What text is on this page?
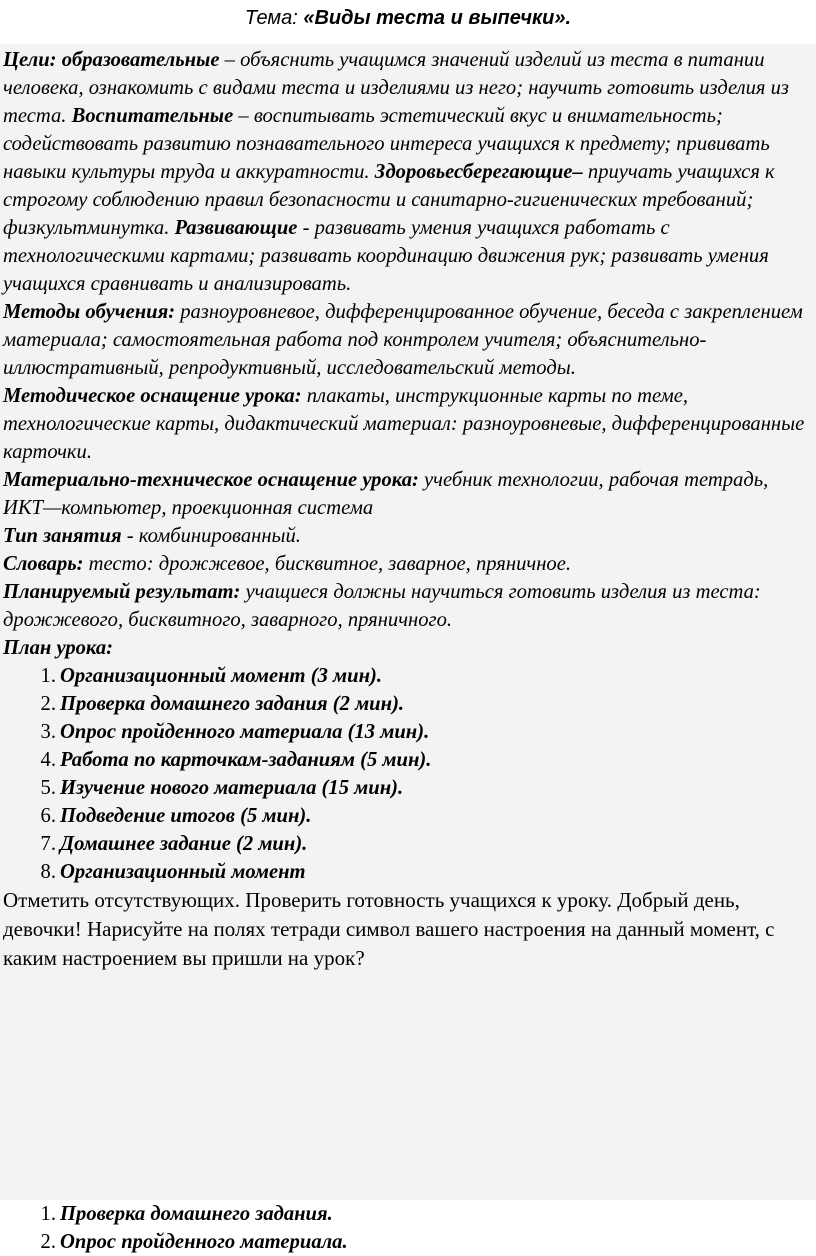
Тема: «Виды теста и выпечки».

Цели: образовательные – объяснить учащимся значений изделий из теста в питании человека, ознакомить с видами теста и изделиями из него; научить готовить изделия из теста. Воспитательные – воспитывать эстетический вкус и внимательность; содействовать развитию познавательного интереса учащихся к предмету; прививать навыки культуры труда и аккуратности. Здоровьесберегающие– приучать учащихся к строгому соблюдению правил безопасности и санитарно-гигиенических требований; физкультминутка. Развивающие - развивать умения учащихся работать с технологическими картами; развивать координацию движения рук; развивать умения учащихся сравнивать и анализировать.

Методы обучения: разноуровневое, дифференцированное обучение, беседа с закреплением материала; самостоятельная работа под контролем учителя; объяснительно-иллюстративный, репродуктивный, исследовательский методы.

Методическое оснащение урока: плакаты, инструкционные карты по теме, технологические карты, дидактический материал: разноуровневые, дифференцированные карточки.

Материально-техническое оснащение урока: учебник технологии, рабочая тетрадь, ИКТ—компьютер, проекционная система

Тип занятия - комбинированный.

Словарь: тесто: дрожжевое, бисквитное, заварное, пряничное.

Планируемый результат: учащиеся должны научиться готовить изделия из теста: дрожжевого, бисквитного, заварного, пряничного.

План урока:

1. Организационный момент (3 мин).
2. Проверка домашнего задания (2 мин).
3. Опрос пройденного материала (13 мин).
4. Работа по карточкам-заданиям (5 мин).
5. Изучение нового материала (15 мин).
6. Подведение итогов (5 мин).
7. Домашнее задание (2 мин).
8. Организационный момент

Отметить отсутствующих. Проверить готовность учащихся к уроку. Добрый день, девочки! Нарисуйте на полях тетради символ вашего настроения на данный момент, с каким настроением вы пришли на урок?

1. Проверка домашнего задания.
2. Опрос пройденного материала.
